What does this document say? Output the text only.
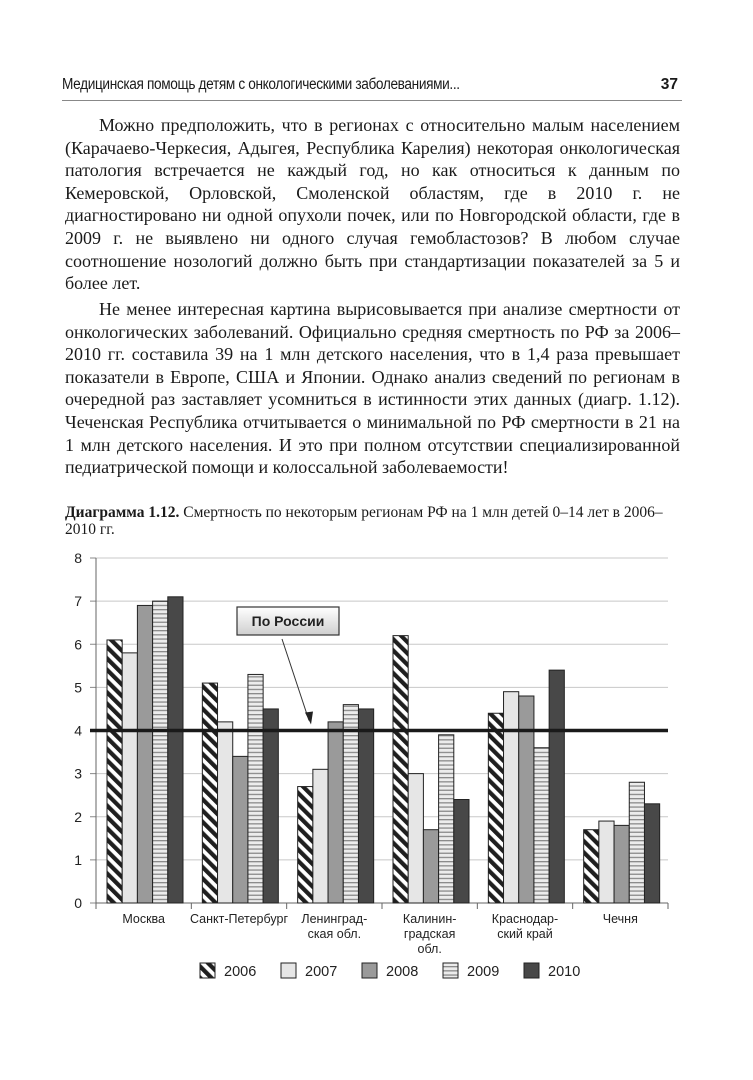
Медицинская помощь детям с онкологическими заболеваниями...	37

Можно предположить, что в регионах с относительно малым населением (Карачаево-Черкесия, Адыгея, Республика Карелия) некоторая онкологическая патология встречается не каждый год, но как относиться к данным по Кемеровской, Орловской, Смоленской областям, где в 2010 г. не диагностировано ни одной опухоли почек, или по Новгородской области, где в 2009 г. не выявлено ни одного случая гемобластозов? В любом случае соотношение нозологий должно быть при стандартизации показателей за 5 и более лет.

Не менее интересная картина вырисовывается при анализе смертности от онкологических заболеваний. Официально средняя смертность по РФ за 2006–2010 гг. составила 39 на 1 млн детского населения, что в 1,4 раза превышает показатели в Европе, США и Японии. Однако анализ сведений по регионам в очередной раз заставляет усомниться в истинности этих данных (диагр. 1.12). Чеченская Республика отчитывается о минимальной по РФ смертности в 21 на 1 млн детского населения. И это при полном отсутствии специализированной педиатрической помощи и колоссальной заболеваемости!

Диаграмма 1.12. Смертность по некоторым регионам РФ на 1 млн детей 0–14 лет в 2006–2010 гг.
0
1
2
3
4
5
6
7
8
По России
Москва Санкт-Петербург Ленинград-
ская обл.
Калинин-
градская
обл.
Краснодар-
ский край
Чечня
2006	2007	2008	2009	2010
